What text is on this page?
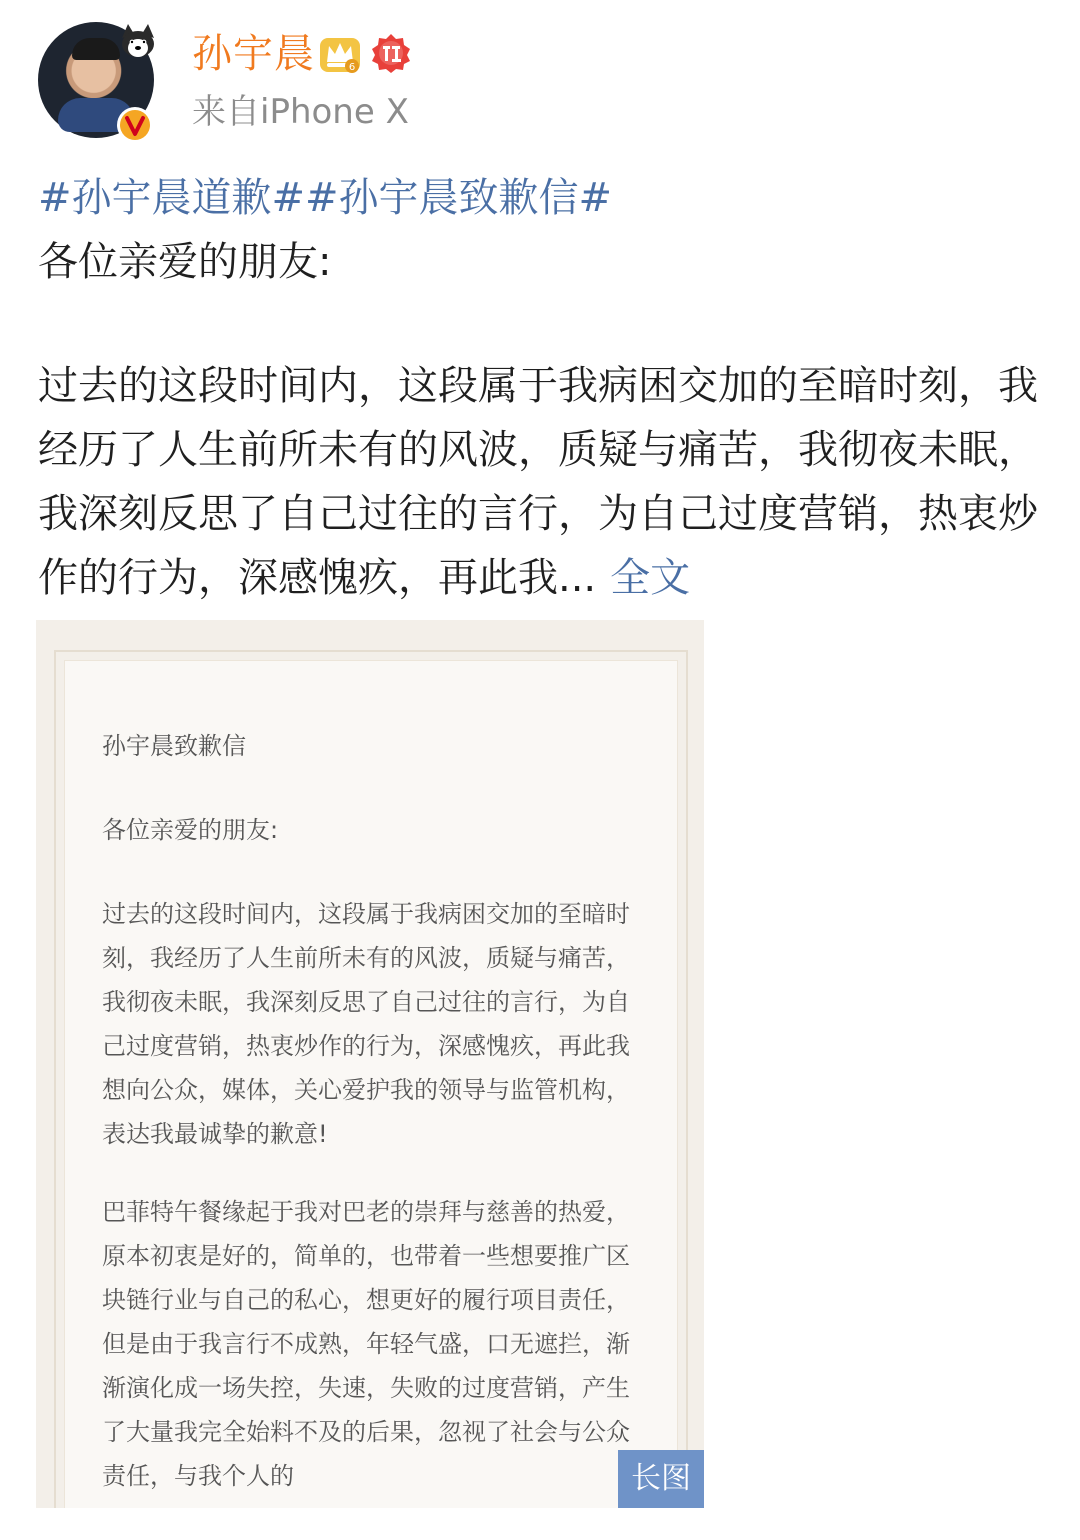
孙宇晨	6
来自iPhone X
#孙宇晨道歉##孙宇晨致歉信#
各位亲爱的朋友:
过去的这段时间内，这段属于我病困交加的至暗时刻，我经历了人生前所未有的风波，质疑与痛苦，我彻夜未眠，我深刻反思了自己过往的言行，为自己过度营销，热衷炒作的行为，深感愧疚，再此我... 全文
孙宇晨致歉信
各位亲爱的朋友:
过去的这段时间内，这段属于我病困交加的至暗时刻，我经历了人生前所未有的风波，质疑与痛苦，我彻夜未眠，我深刻反思了自己过往的言行，为自己过度营销，热衷炒作的行为，深感愧疚，再此我想向公众，媒体，关心爱护我的领导与监管机构，表达我最诚挚的歉意!
巴菲特午餐缘起于我对巴老的崇拜与慈善的热爱，原本初衷是好的，简单的，也带着一些想要推广区块链行业与自己的私心，想更好的履行项目责任，但是由于我言行不成熟，年轻气盛，口无遮拦，渐渐演化成一场失控，失速，失败的过度营销，产生了大量我完全始料不及的后果，忽视了社会与公众责任，与我个人的	长图
